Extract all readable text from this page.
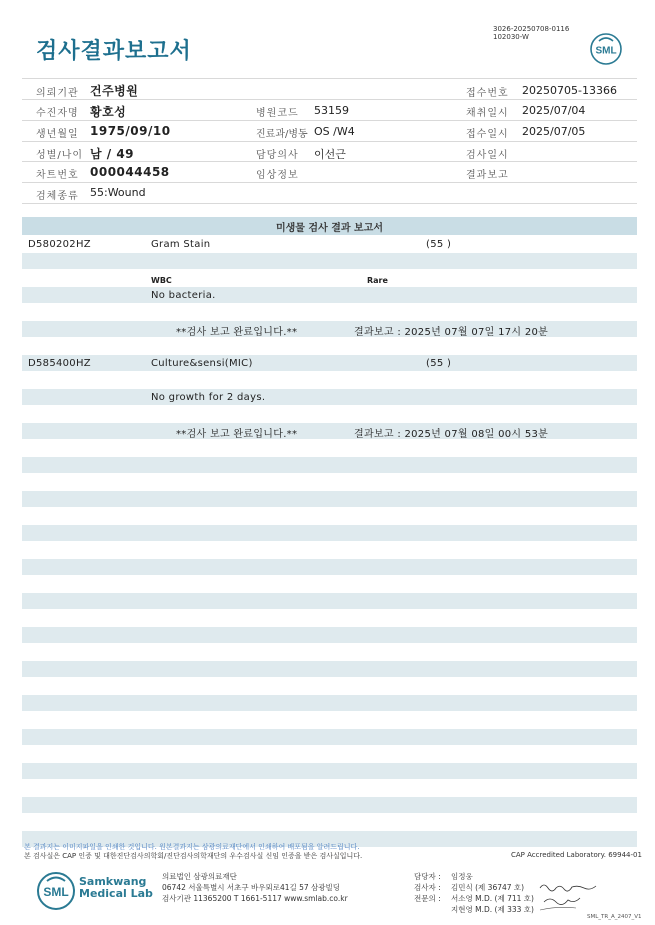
검사결과보고서
3026-20250708-0116
102030-W
SML
의뢰기관 건주병원
수진자명 황호성
생년월일 1975/09/10
성별/나이 남 / 49
차트번호 000044458
검체종류 55:Wound
병원코드 53159
진료과/병동 OS /W4
담당의사 이선근
임상정보
접수번호 20250705-13366
채취일시 2025/07/04
접수일시 2025/07/05
검사일시
결과보고
미생물 검사 결과 보고서
D580202HZ	Gram Stain	(55 )
WBC	Rare
No bacteria.
**검사 보고 완료입니다.**	결과보고 : 2025년 07월 07일 17시 20분
D585400HZ	Culture&sensi(MIC)	(55 )
No growth for 2 days.
**검사 보고 완료입니다.**	결과보고 : 2025년 07월 08일 00시 53분
본 결과지는 이미지파일을 인쇄한 것입니다. 원본결과지는 삼광의료재단에서 인쇄하여 배포됨을 알려드립니다.
본 검사실은 CAP 인증 및 대한진단검사의학회/진단검사의학재단의 우수검사실 신임 인증을 받은 검사실입니다.	CAP Accredited Laboratory. 69944-01
SML
Samkwang
Medical Lab
의료법인 삼광의료재단
06742 서울특별시 서초구 바우뫼로41길 57 삼광빌딩
검사기관 11365200 T 1661-5117 www.smlab.co.kr
담당자 : 임정웅
검사자 : 김민식 (제 36747 호)
전문의 : 서소영 M.D. (제 711 호)
지현영 M.D. (제 333 호)
SML_TR_A_2407_V1
